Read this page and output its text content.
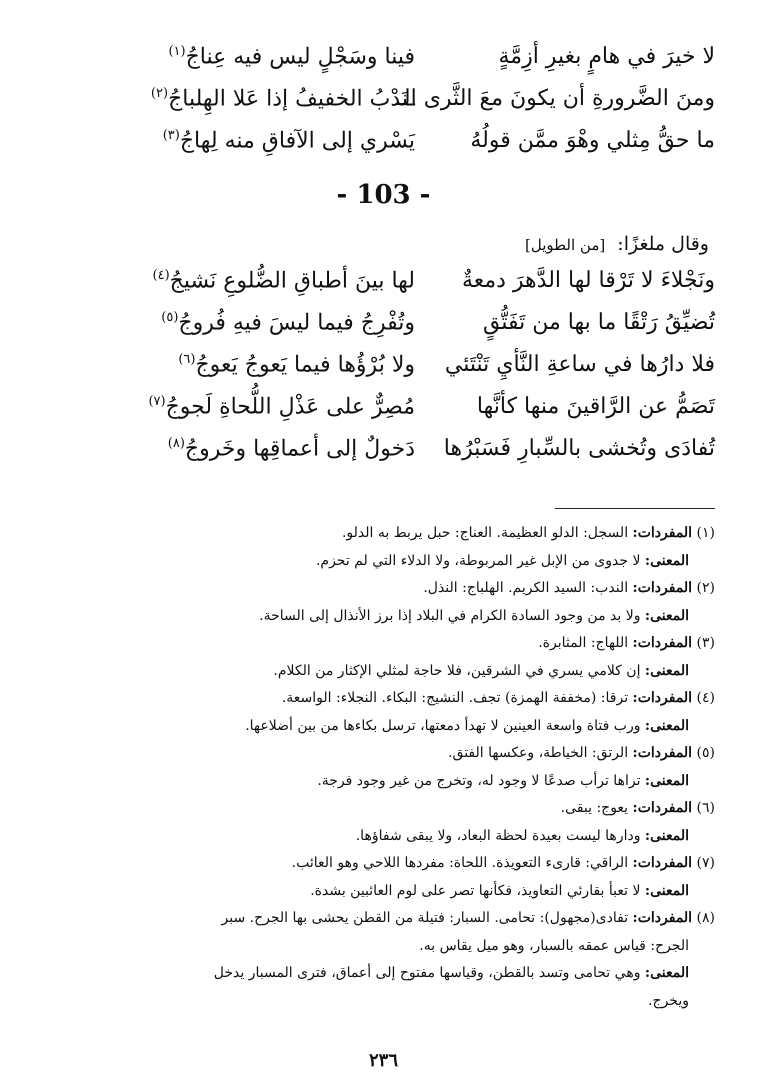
لا خيرَ في هامٍ بغيرِ أزِمَّةٍ
فينا وسَجْلٍ ليس فيه عِناجُ$^{(١)}$
ومنَ الضَّرورةِ أن يكونَ معَ الثَّرى الـ
ـنَدْبُ الخفيفُ إذا عَلا الهِلباجُ$^{(٢)}$
ما حقُّ مِثلي وهْوَ ممَّن قولُهُ
يَسْري إلى الآفاقِ منه لِهاجُ$^{(٣)}$
- 103 -
وقال ملغزًا: [من الطويل]
ونَجْلاءَ لا تَرْقا لها الدَّهرَ دمعةٌ
لها بينَ أطباقِ الضُّلوعِ نَشيجُ$^{(٤)}$
تُضيِّقُ رَتْقًا ما بها من تَفَتُّقٍ
وتُفْرِجُ فيما ليسَ فيهِ فُروجُ$^{(٥)}$
فلا دارُها في ساعةِ النَّأيِ تَنْتَئي
ولا بُرْؤُها فيما يَعوجُ يَعوجُ$^{(٦)}$
تَصَمُّ عن الرَّاقينَ منها كأنَّها
مُصِرٌّ على عَذْلِ اللُّحاةِ لَجوجُ$^{(٧)}$
تُفادَى وتُخشى بالسِّبارِ فَسَبْرُها
دَخولٌ إلى أعماقِها وخَروجُ$^{(٨)}$

(١) المفردات: السجل: الدلو العظيمة. العناج: حبل يربط به الدلو.

المعنى: لا جدوى من الإبل غير المربوطة، ولا الدلاء التي لم تحزم.

(٢) المفردات: الندب: السيد الكريم. الهلباج: النذل.

المعنى: ولا بد من وجود السادة الكرام في البلاد إذا برز الأنذال إلى الساحة.

(٣) المفردات: اللهاج: المثابرة.

المعنى: إن كلامي يسري في الشرقين، فلا حاجة لمثلي الإكثار من الكلام.

(٤) المفردات: ترقا: (مخففة الهمزة) تجف. النشيج: البكاء. النجلاء: الواسعة.

المعنى: ورب فتاة واسعة العينين لا تهدأ دمعتها، ترسل بكاءها من بين أضلاعها.

(٥) المفردات: الرتق: الخياطة، وعكسها الفتق.

المعنى: تراها ترأب صدعًا لا وجود له، وتخرج من غير وجود فرجة.

(٦) المفردات: يعوج: يبقى.

المعنى: ودارها ليست بعيدة لحظة البعاد، ولا يبقى شفاؤها.

(٧) المفردات: الراقي: قارىء التعويذة. اللحاة: مفردها اللاحي وهو العائب.

المعنى: لا تعبأ بقارئي التعاويذ، فكأنها تصر على لوم العائبين بشدة.

(٨) المفردات: تفادى(مجهول): تحامى. السبار: فتيلة من القطن يحشى بها الجرح. سبر

الجرح: قياس عمقه بالسبار، وهو ميل يقاس به.

المعنى: وهي تحامى وتسد بالقطن، وقياسها مفتوح إلى أعماق، فترى المسبار يدخل

ويخرج.

٢٣٦
